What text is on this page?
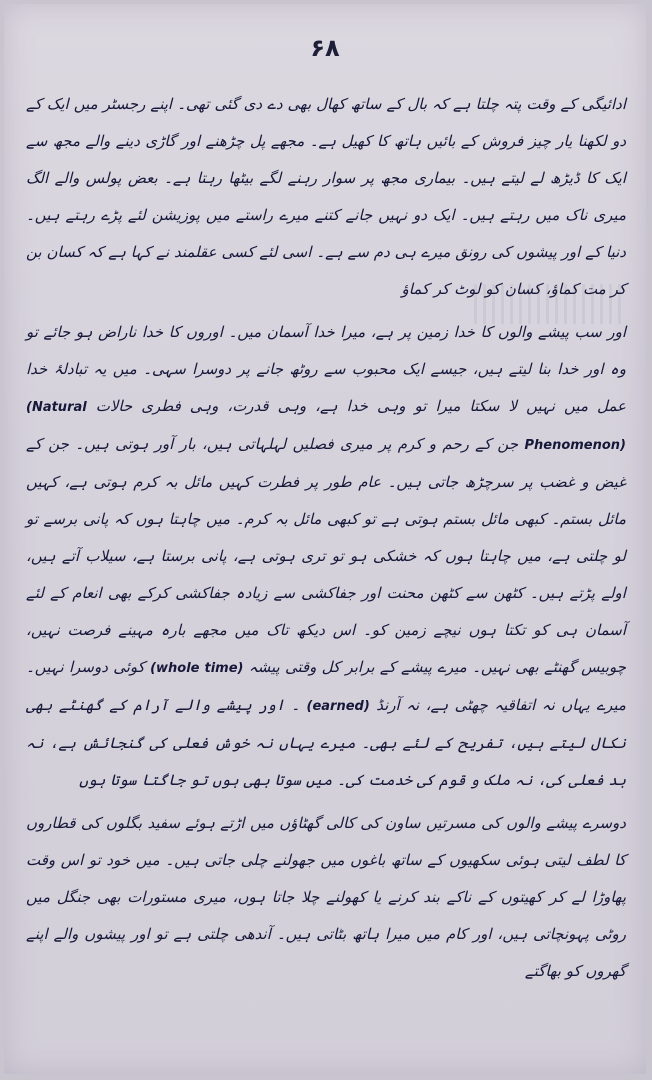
۶۸

ادائیگی کے وقت پتہ چلتا ہے کہ بال کے ساتھ کھال بھی دے دی گئی تھی۔ اپنے رجسٹر میں ایک کے دو لکھنا یار چیز فروش کے بائیں ہاتھ کا کھیل ہے۔ مجھے پل چڑھنے اور گاڑی دینے والے مجھ سے ایک کا ڈیڑھ لے لیتے ہیں۔ بیماری مجھ پر سوار رہنے لگے بیٹھا رہتا ہے۔ بعض پولس والے الگ میری ناک میں رہتے ہیں۔ ایک دو نہیں جانے کتنے میرے راستے میں پوزیشن لئے پڑے رہتے ہیں۔ دنیا کے اور پیشوں کی رونق میرے ہی دم سے ہے۔ اسی لئے کسی عقلمند نے کہا ہے کہ کسان بن کر مت کماؤ، کسان کو لوٹ کر کماؤ

اور سب پیشے والوں کا خدا زمین پر ہے، میرا خدا آسمان میں۔ اوروں کا خدا ناراض ہو جائے تو وہ اور خدا بنا لیتے ہیں، جیسے ایک محبوب سے روٹھ جانے پر دوسرا سہی۔ میں یہ تبادلۂ خدا عمل میں نہیں لا سکتا میرا تو وہی خدا ہے، وہی قدرت، وہی فطری حالات (Natural Phenomenon) جن کے رحم و کرم پر میری فصلیں لہلہاتی ہیں، بار آور ہوتی ہیں۔ جن کے غیض و غضب پر سرچڑھ جاتی ہیں۔ عام طور پر فطرت کہیں مائل بہ کرم ہوتی ہے، کہیں مائل بستم۔ کبھی مائل بستم ہوتی ہے تو کبھی مائل بہ کرم۔ میں چاہتا ہوں کہ پانی برسے تو لو چلتی ہے، میں چاہتا ہوں کہ خشکی ہو تو تری ہوتی ہے، پانی برستا ہے، سیلاب آتے ہیں، اولے پڑتے ہیں۔ کٹھن سے کٹھن محنت اور جفاکشی سے زیادہ جفاکشی کرکے بھی انعام کے لئے آسمان ہی کو تکتا ہوں نیچے زمین کو۔ اس دیکھ تاک میں مجھے بارہ مہینے فرصت نہیں، چوبیس گھنٹے بھی نہیں۔ میرے پیشے کے برابر کل وقتی پیشہ (whole time) کوئی دوسرا نہیں۔ میرے یہاں نہ اتفاقیہ چھٹی ہے، نہ آرنڈ (earned) ۔ اور پیشے والے آرام کے گھنٹے بھی نکال لیتے ہیں، تفریح کے لئے بھی۔ میرے یہاں نہ خوش فعلی کی گنجائش ہے، نہ بد فعلی کی، نہ ملک و قوم کی خدمت کی۔ میں سوتا بھی ہوں تو جاگتا سوتا ہوں

دوسرے پیشے والوں کی مسرتیں ساون کی کالی گھٹاؤں میں اڑتے ہوئے سفید بگلوں کی قطاروں کا لطف لیتی ہوئی سکھیوں کے ساتھ باغوں میں جھولنے چلی جاتی ہیں۔ میں خود تو اس وقت پھاوڑا لے کر کھیتوں کے ناکے بند کرنے یا کھولنے چلا جاتا ہوں، میری مستورات بھی جنگل میں روٹی پہونچاتی ہیں، اور کام میں میرا ہاتھ بٹاتی ہیں۔ آندھی چلتی ہے تو اور پیشوں والے اپنے گھروں کو بھاگتے
